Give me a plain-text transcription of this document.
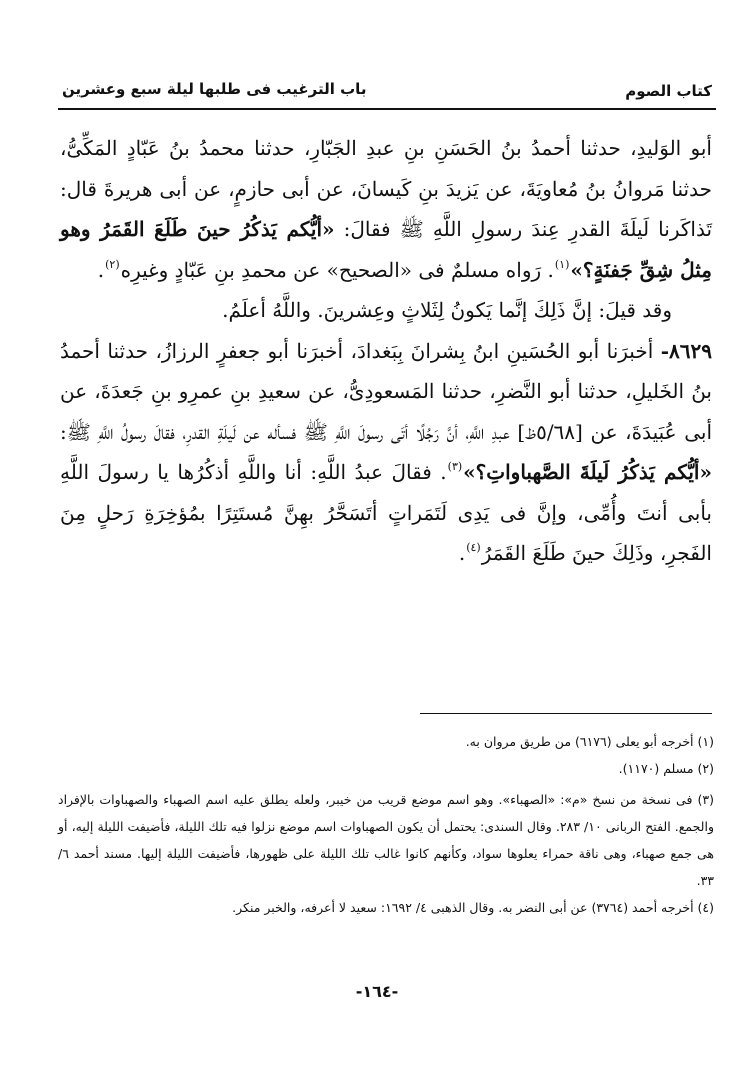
كتاب الصوم
باب الترغيب فى طلبها ليلة سبع وعشرين

أبو الوَليدِ، حدثنا أحمدُ بنُ الحَسَنِ بنِ عبدِ الجَبّارِ، حدثنا محمدُ بنُ عَبّادٍ المَكِّىُّ، حدثنا مَروانُ بنُ مُعاويَةَ، عن يَزيدَ بنِ كَيسانَ، عن أبى حازمٍ، عن أبى هريرةَ قال: تَذاكَرنا لَيلَةَ القدرِ عِندَ رسولِ اللَّهِ ﷺ فقالَ: «أيُّكم يَذكُرُ حينَ طَلَعَ القَمَرُ وهو مِثلُ شِقِّ جَفنَةٍ؟»$^{(١)}$. رَواه مسلمٌ فى «الصحيح» عن محمدِ بنِ عَبّادٍ وغيرِه$^{(٢)}$.

وقد قيلَ: إنَّ ذَلِكَ إنَّما يَكونُ لِثَلاثٍ وعِشرينَ. واللَّهُ أعلَمُ.

٨٦٢٩- أخبرَنا أبو الحُسَينِ ابنُ بِشرانَ بِبَغدادَ، أخبرَنا أبو جعفرٍ الرزازُ، حدثنا أحمدُ بنُ الخَليلِ، حدثنا أبو النَّضرِ، حدثنا المَسعودِىُّ، عن سعيدِ بنِ عمرِو بنِ جَعدَةَ، عن أبى عُبَيدَةَ، عن [٥/٦٨ظ] عبدِ اللَّهِ، أنَّ رَجُلًا أتَى رسولَ اللَّهِ ﷺ فسأله عن لَيلَةِ القدرِ، فقالَ رسولُ اللَّهِ ﷺ: «أيُّكم يَذكُرُ لَيلَةَ الصَّهباواتِ؟»$^{(٣)}$. فقالَ عبدُ اللَّهِ: أنا واللَّهِ أذكُرُها يا رسولَ اللَّهِ بأبى أنتَ وأُمِّى، وإنَّ فى يَدِى لَتَمَراتٍ أتَسَحَّرُ بهِنَّ مُستَتِرًا بمُؤخِرَةِ رَحلٍ مِنَ الفَجرِ، وذَلِكَ حينَ طَلَعَ القَمَرُ$^{(٤)}$.

(١) أخرجه أبو يعلى (٦١٧٦) من طريق مروان به.

(٢) مسلم (١١٧٠).

(٣) فى نسخة من نسخ «م»: «الصهباء». وهو اسم موضع قريب من خيبر، ولعله يطلق عليه اسم الصهباء والصهباوات بالإفراد والجمع. الفتح الربانى ١٠/ ٢٨٣. وقال السندى: يحتمل أن يكون الصهباوات اسم موضع نزلوا فيه تلك الليلة، فأضيفت الليلة إليه، أو هى جمع صهباء، وهى ناقة حمراء يعلوها سواد، وكأنهم كانوا غالب تلك الليلة على ظهورها، فأضيفت الليلة إليها. مسند أحمد ٦/ ٣٣.

(٤) أخرجه أحمد (٣٧٦٤) عن أبى النضر به. وقال الذهبى ٤/ ١٦٩٢: سعيد لا أعرفه، والخبر منكر.

-١٦٤-
